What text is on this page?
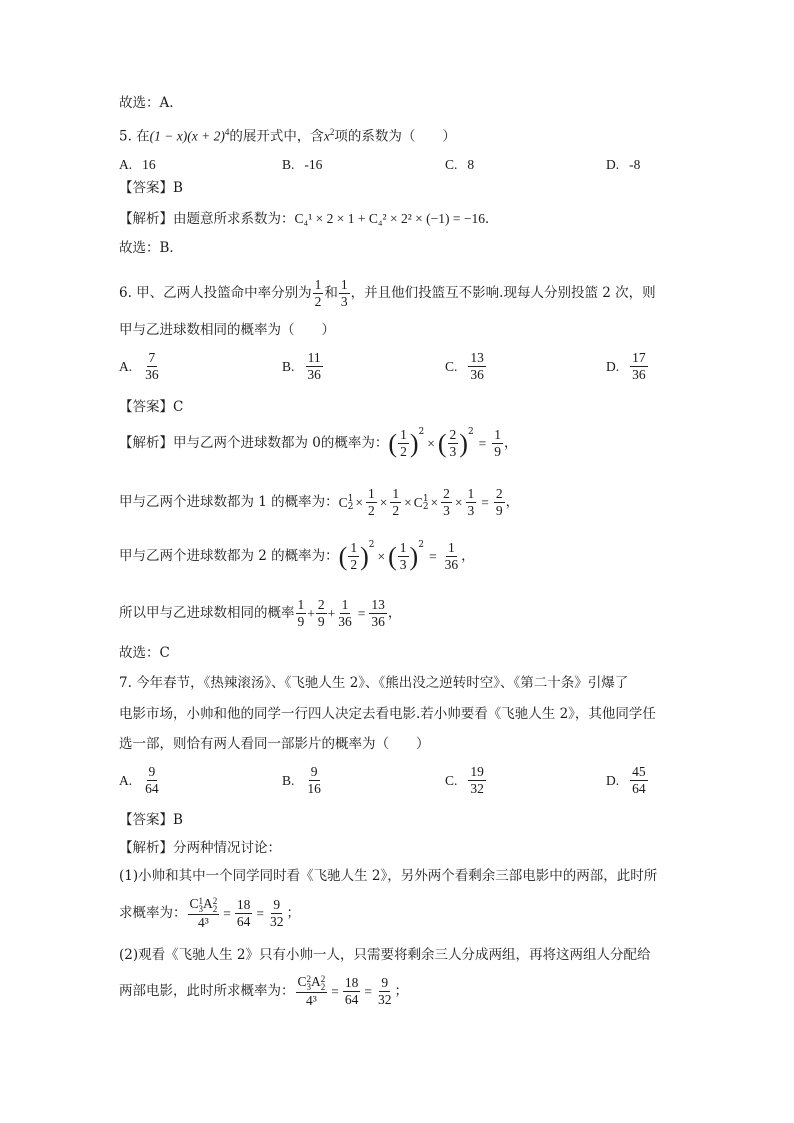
故选：A.
5. 在$(1 - x)(x + 2)^4$的展开式中，含$x^2$项的系数为（　　）
A. 16	B. -16	C. 8	D. -8
【答案】B
【解析】由题意所求系数为：C₄¹ × 2 × 1 + C₄² × 2² × (−1) = −16．
故选：B．
6. 甲、乙两人投篮命中率分别为 $\frac{1}{2}$ 和 $\frac{1}{3}$ ，并且他们投篮互不影响.现每人分别投篮 2 次，则
甲与乙进球数相同的概率为（　　）
A. $\frac{7}{36}$	B. $\frac{11}{36}$	C. $\frac{13}{36}$	D. $\frac{17}{36}$
【答案】C
【解析】甲与乙两个进球数都为 0的概率为： ( $\frac{1}{2} )^2$
× ( $\frac{2}{3} )^2$
= $\frac{1}{9}$ ，
甲与乙两个进球数都为 1 的概率为： C 1
$2 \times \frac{1}{2} \times \frac{1}{2} \times C$ 1
$2 \times \frac{2}{3} \times \frac{1}{3} = \frac{2}{9}$ ，
甲与乙两个进球数都为 2 的概率为： ( $\frac{1}{2} )^2$
× ( $\frac{1}{3} )^2$
= $\frac{1}{36}$ ，
所以甲与乙进球数相同的概率 $\frac{1}{9} + \frac{2}{9} + \frac{1}{36} = \frac{13}{36}$ ，
故选：C
7. 今年春节，《热辣滚汤》、《飞驰人生 2》、《熊出没之逆转时空》、《第二十条》引爆了
电影市场，小帅和他的同学一行四人决定去看电影.若小帅要看《飞驰人生 2》，其他同学任
选一部，则恰有两人看同一部影片的概率为（　　）
A. $\frac{9}{64}$	B. $\frac{9}{16}$	C. $\frac{19}{32}$	D. $\frac{45}{64}$
【答案】B
【解析】分两种情况讨论：
(1)小帅和其中一个同学同时看《飞驰人生 2》，另外两个看剩余三部电影中的两部，此时所
求概率为： C 1
3 A 2
2
$4^3 = \frac{18}{64} = \frac{9}{32}$ ；
(2)观看《飞驰人生 2》只有小帅一人，只需要将剩余三人分成两组，再将这两组人分配给
两部电影，此时所求概率为： C 2
3 A 2
2
$4^3 = \frac{18}{64} = \frac{9}{32}$ ；
